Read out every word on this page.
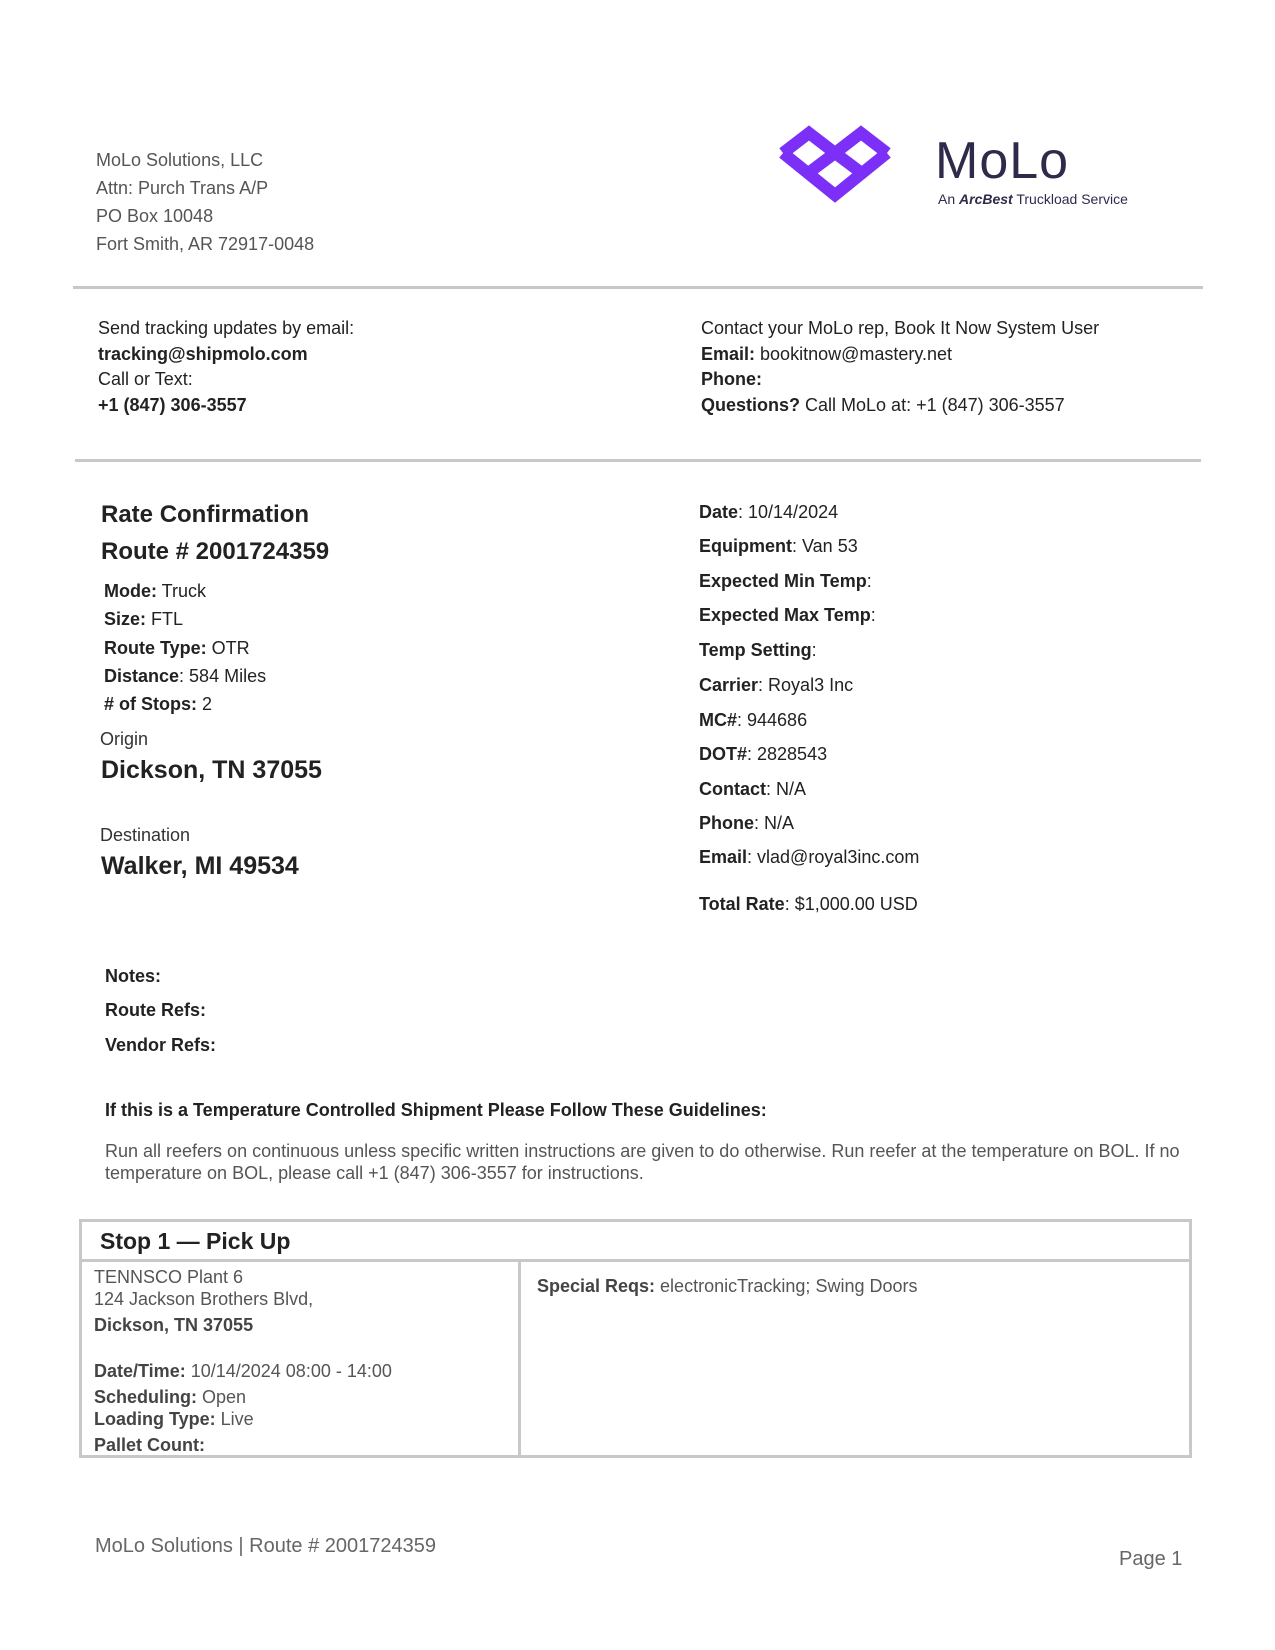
MoLo Solutions, LLC
Attn: Purch Trans A/P
PO Box 10048
Fort Smith, AR 72917-0048
MoLo
An ArcBest Truckload Service
Send tracking updates by email:
tracking@shipmolo.com
Call or Text:
+1 (847) 306-3557
Contact your MoLo rep, Book It Now System User
Email: bookitnow@mastery.net
Phone:
Questions? Call MoLo at: +1 (847) 306-3557
Rate Confirmation
Route # 2001724359
Mode: Truck
Size: FTL
Route Type: OTR
Distance: 584 Miles
# of Stops: 2
Origin
Dickson, TN 37055
Destination
Walker, MI 49534
Date: 10/14/2024
Equipment: Van 53
Expected Min Temp:
Expected Max Temp:
Temp Setting:
Carrier: Royal3 Inc
MC#: 944686
DOT#: 2828543
Contact: N/A
Phone: N/A
Email: vlad@royal3inc.com
Total Rate: $1,000.00 USD
Notes:
Route Refs:
Vendor Refs:
If this is a Temperature Controlled Shipment Please Follow These Guidelines:
Run all reefers on continuous unless specific written instructions are given to do otherwise. Run reefer at the temperature on BOL. If no temperature on BOL, please call +1 (847) 306-3557 for instructions.
Stop 1 — Pick Up
TENNSCO Plant 6
124 Jackson Brothers Blvd,
Dickson, TN 37055
Date/Time: 10/14/2024 08:00 - 14:00
Scheduling: Open
Loading Type: Live
Pallet Count:
Special Reqs: electronicTracking; Swing Doors
MoLo Solutions | Route # 2001724359
Page 1
